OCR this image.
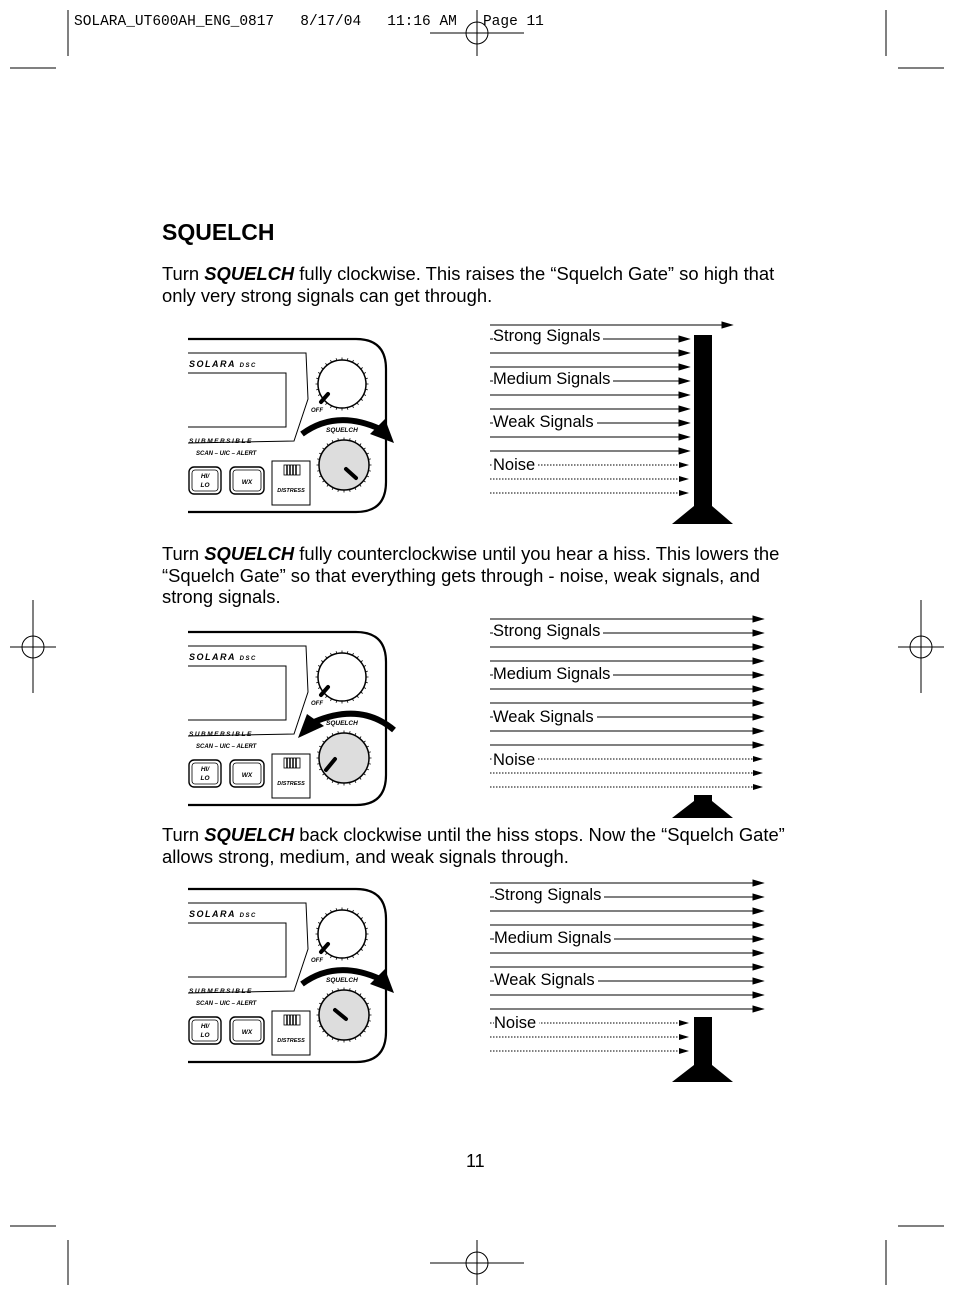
SOLARA_UT600AH_ENG_0817   8/17/04   11:16 AM   Page 11
SQUELCH
Turn SQUELCH fully clockwise. This raises the “Squelch Gate” so high that only very strong signals can get through.
Turn SQUELCH fully counterclockwise until you hear a hiss. This lowers the “Squelch Gate” so that everything gets through - noise, weak signals, and strong signals.
Turn SQUELCH back clockwise until the hiss stops. Now the “Squelch Gate” allows strong, medium, and weak signals through.
SOLARA DSC
SUBMERSIBLE
SCAN – UIC – ALERT
OFF
SQUELCH
HI/
LO	WX
DISTRESS
SOLARA DSC
SUBMERSIBLE
SCAN – UIC – ALERT
OFF
SQUELCH
HI/
LO	WX
DISTRESS
SOLARA DSC
SUBMERSIBLE
SCAN – UIC – ALERT
OFF
SQUELCH
HI/
LO	WX
DISTRESS
Strong Signals
Medium Signals
Weak Signals
Noise
Strong Signals
Medium Signals
Weak Signals
Noise
Strong Signals
Medium Signals
Weak Signals
Noise
11
